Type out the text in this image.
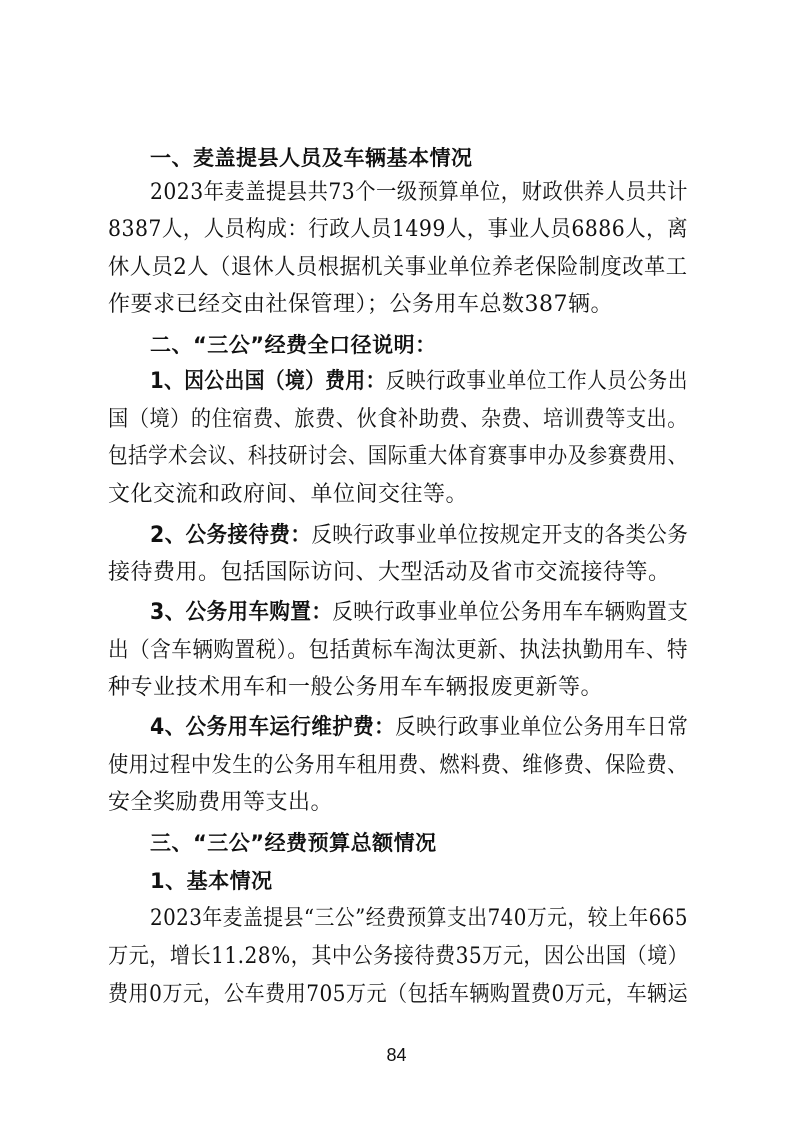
一、麦盖提县人员及车辆基本情况
2023年麦盖提县共73个一级预算单位，财政供养人员共计
8387人，人员构成：行政人员1499人，事业人员6886人，离
休人员2人（退休人员根据机关事业单位养老保险制度改革工
作要求已经交由社保管理）；公务用车总数387辆。
二、“三公”经费全口径说明：
1、因公出国（境）费用：反映行政事业单位工作人员公务出
国（境）的住宿费、旅费、伙食补助费、杂费、培训费等支出。
包括学术会议、科技研讨会、国际重大体育赛事申办及参赛费用、
文化交流和政府间、单位间交往等。
2、公务接待费：反映行政事业单位按规定开支的各类公务
接待费用。包括国际访问、大型活动及省市交流接待等。
3、公务用车购置：反映行政事业单位公务用车车辆购置支
出（含车辆购置税）。包括黄标车淘汰更新、执法执勤用车、特
种专业技术用车和一般公务用车车辆报废更新等。
4、公务用车运行维护费：反映行政事业单位公务用车日常
使用过程中发生的公务用车租用费、燃料费、维修费、保险费、
安全奖励费用等支出。
三、“三公”经费预算总额情况
1、基本情况
2023年麦盖提县“三公”经费预算支出740万元，较上年665
万元，增长11.28%，其中公务接待费35万元，因公出国（境）
费用0万元，公车费用705万元（包括车辆购置费0万元，车辆运
84
